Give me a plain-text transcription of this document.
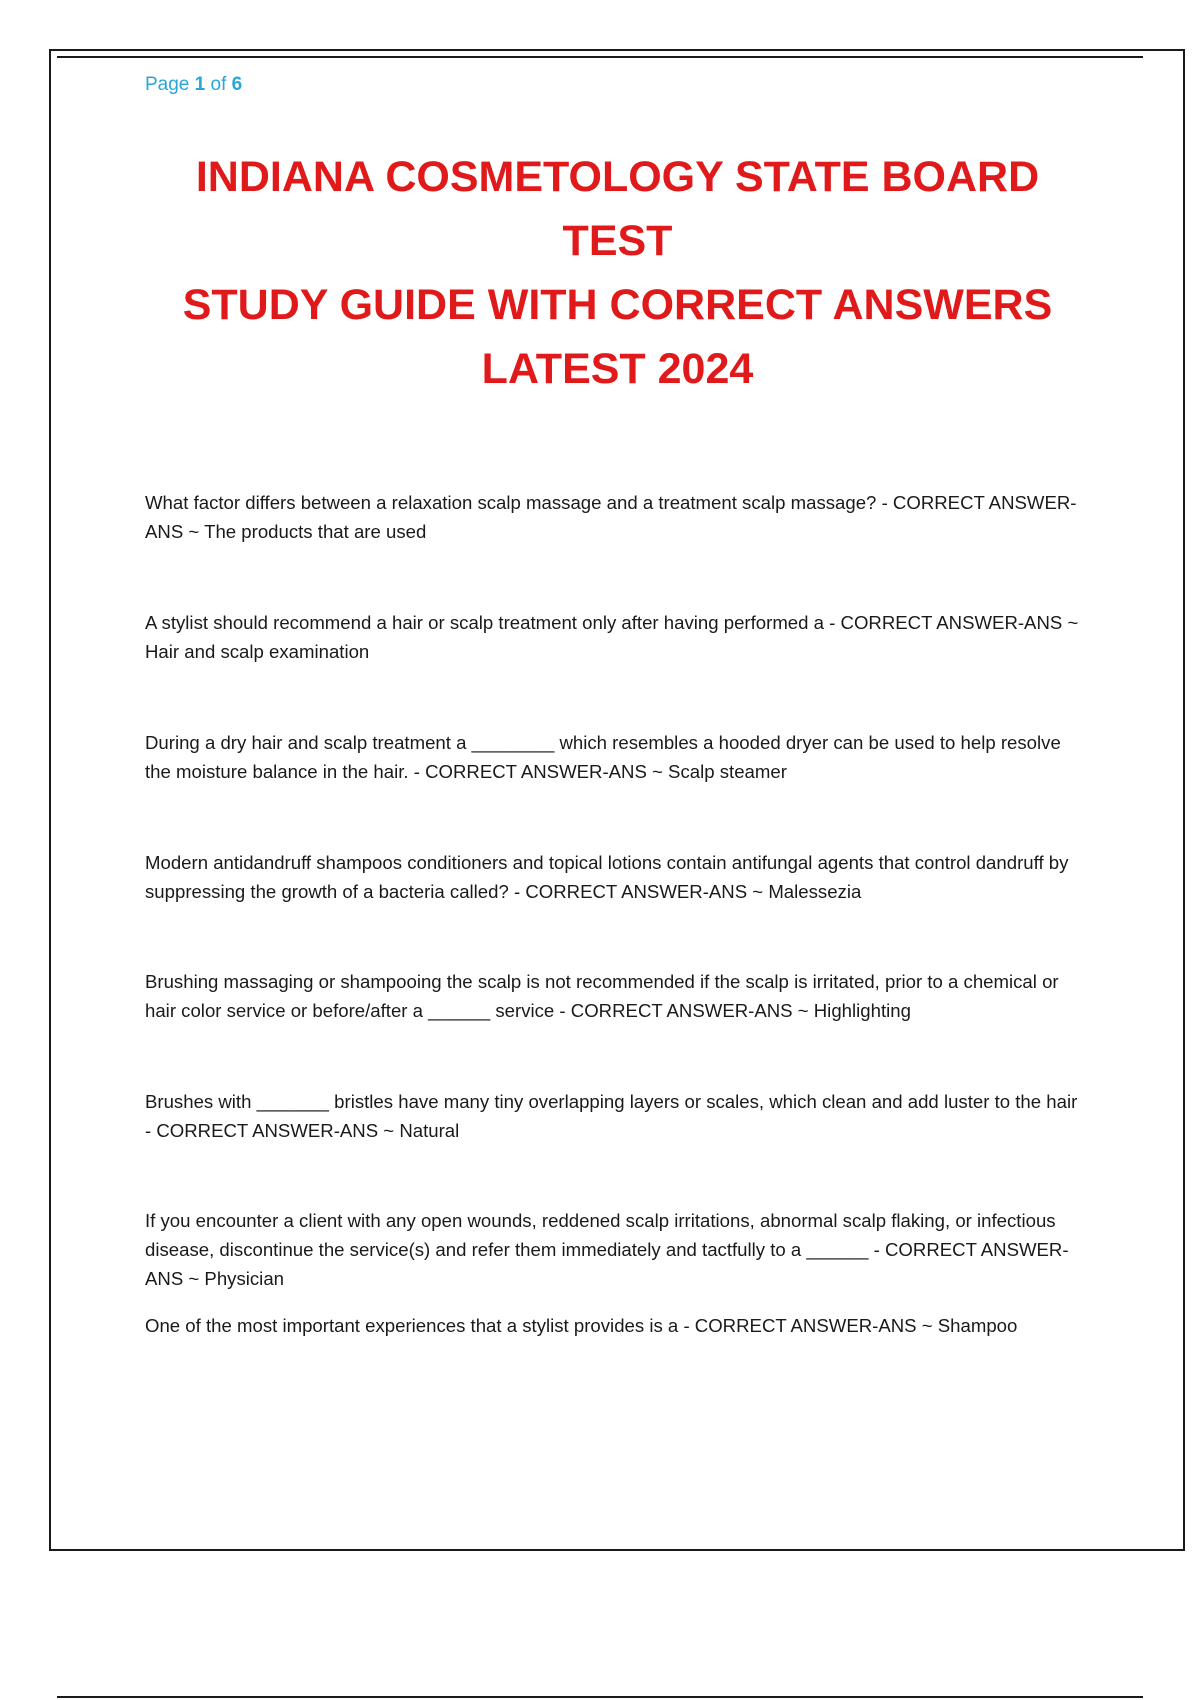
Page 1 of 6
INDIANA COSMETOLOGY STATE BOARD TEST
STUDY GUIDE WITH CORRECT ANSWERS
LATEST 2024
What factor differs between a relaxation scalp massage and a treatment scalp massage? - CORRECT ANSWER-ANS ~ The products that are used
A stylist should recommend a hair or scalp treatment only after having performed a - CORRECT ANSWER-ANS ~ Hair and scalp examination
During a dry hair and scalp treatment a ________ which resembles a hooded dryer can be used to help resolve the moisture balance in the hair. - CORRECT ANSWER-ANS ~ Scalp steamer
Modern antidandruff shampoos conditioners and topical lotions contain antifungal agents that control dandruff by suppressing the growth of a bacteria called? - CORRECT ANSWER-ANS ~ Malessezia
Brushing massaging or shampooing the scalp is not recommended if the scalp is irritated, prior to a chemical or hair color service or before/after a ______ service - CORRECT ANSWER-ANS ~ Highlighting
Brushes with _______ bristles have many tiny overlapping layers or scales, which clean and add luster to the hair - CORRECT ANSWER-ANS ~ Natural
If you encounter a client with any open wounds, reddened scalp irritations, abnormal scalp flaking, or infectious disease, discontinue the service(s) and refer them immediately and tactfully to a ______ - CORRECT ANSWER-ANS ~ Physician
One of the most important experiences that a stylist provides is a - CORRECT ANSWER-ANS ~ Shampoo
